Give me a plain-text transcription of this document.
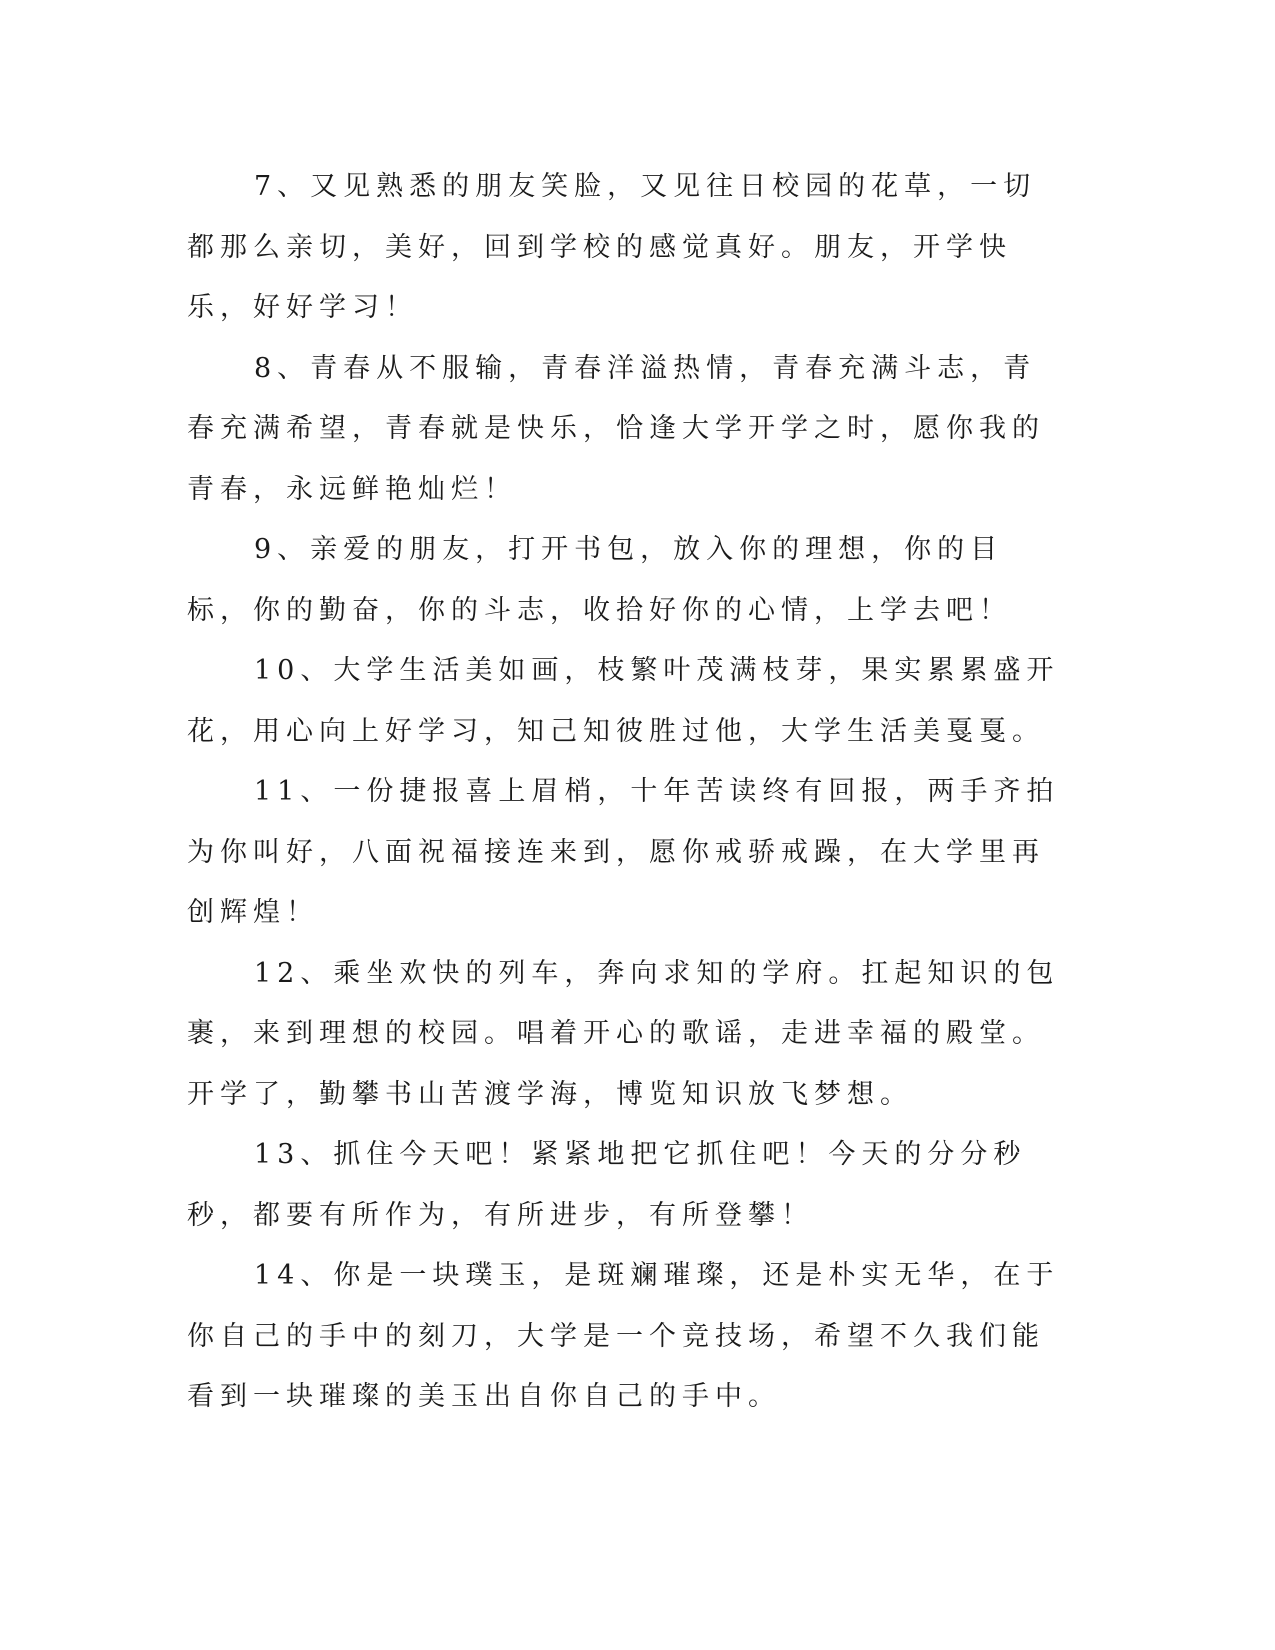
7、又见熟悉的朋友笑脸，又见往日校园的花草，一切都那么亲切，美好，回到学校的感觉真好。朋友，开学快乐，好好学习！

8、青春从不服输，青春洋溢热情，青春充满斗志，青春充满希望，青春就是快乐，恰逢大学开学之时，愿你我的青春，永远鲜艳灿烂！

9、亲爱的朋友，打开书包，放入你的理想，你的目标，你的勤奋，你的斗志，收拾好你的心情，上学去吧！

10、大学生活美如画，枝繁叶茂满枝芽，果实累累盛开花，用心向上好学习，知己知彼胜过他，大学生活美戛戛。

11、一份捷报喜上眉梢，十年苦读终有回报，两手齐拍为你叫好，八面祝福接连来到，愿你戒骄戒躁，在大学里再创辉煌！

12、乘坐欢快的列车，奔向求知的学府。扛起知识的包裹，来到理想的校园。唱着开心的歌谣，走进幸福的殿堂。开学了，勤攀书山苦渡学海，博览知识放飞梦想。

13、抓住今天吧！紧紧地把它抓住吧！今天的分分秒秒，都要有所作为，有所进步，有所登攀！

14、你是一块璞玉，是斑斓璀璨，还是朴实无华，在于你自己的手中的刻刀，大学是一个竞技场，希望不久我们能看到一块璀璨的美玉出自你自己的手中。
